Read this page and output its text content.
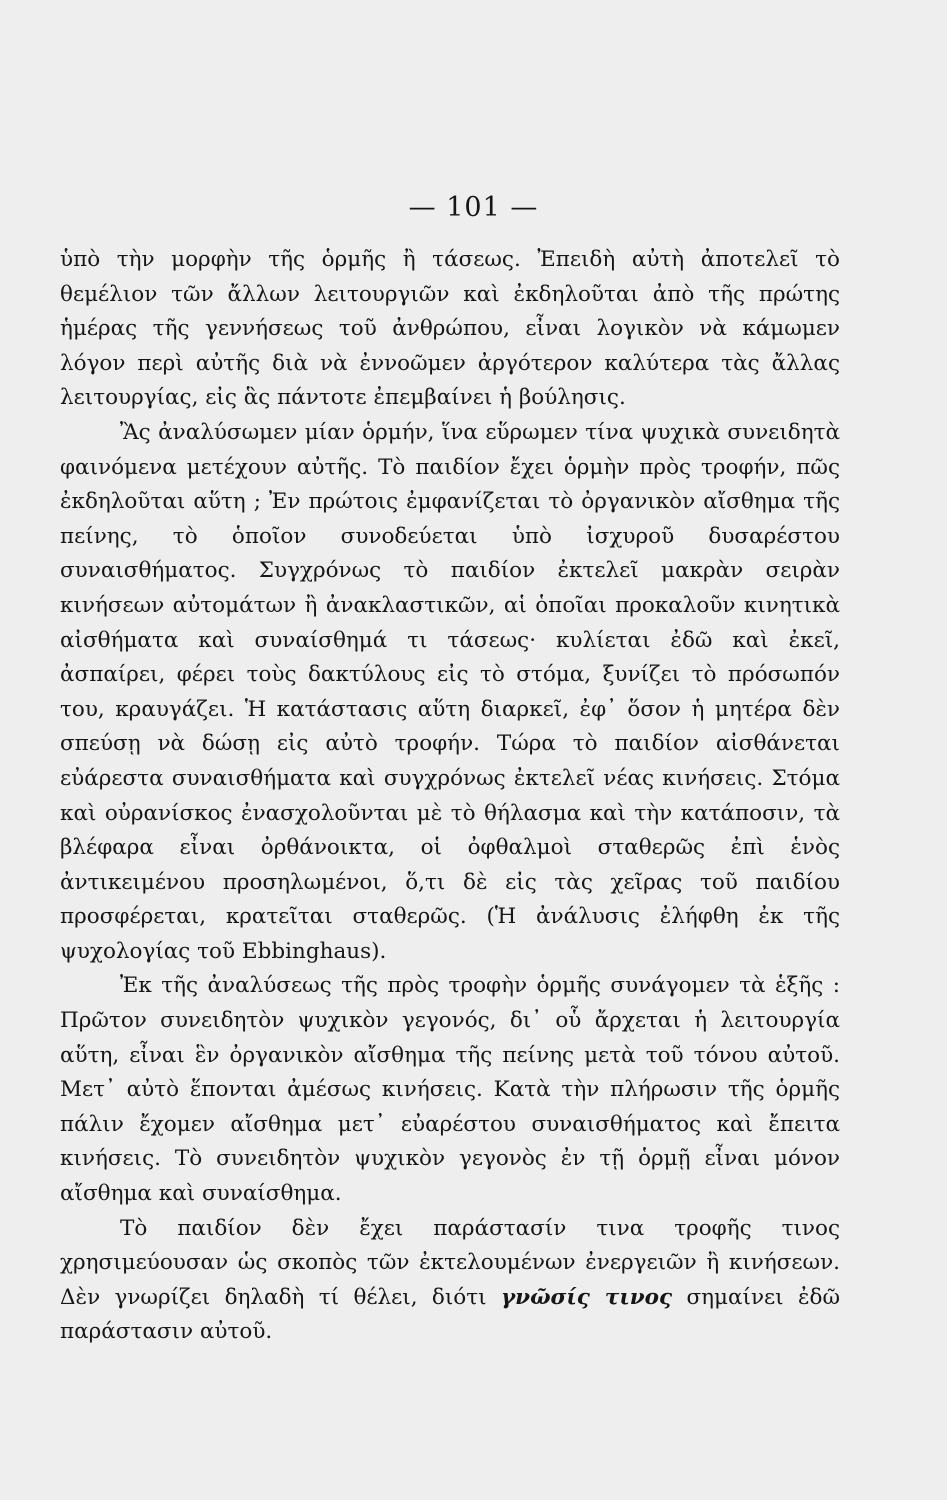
— 101 —

ὑπὸ τὴν μορφὴν τῆς ὁρμῆς ἢ τάσεως. Ἐπειδὴ αὐτὴ ἀποτελεῖ τὸ θεμέλιον τῶν ἄλλων λειτουργιῶν καὶ ἐκδηλοῦται ἀπὸ τῆς πρώτης ἡμέρας τῆς γεννήσεως τοῦ ἀνθρώπου, εἶναι λογικὸν νὰ κάμωμεν λόγον περὶ αὐτῆς διὰ νὰ ἐννοῶμεν ἀργότερον καλύτερα τὰς ἄλλας λειτουργίας, εἰς ἃς πάντοτε ἐπεμβαίνει ἡ βούλησις.

Ἂς ἀναλύσωμεν μίαν ὁρμήν, ἵνα εὕρωμεν τίνα ψυχικὰ συνειδητὰ φαινόμενα μετέχουν αὐτῆς. Τὸ παιδίον ἔχει ὁρμὴν πρὸς τροφήν, πῶς ἐκδηλοῦται αὕτη ; Ἐν πρώτοις ἐμφανίζεται τὸ ὀργανικὸν αἴσθημα τῆς πείνης, τὸ ὁποῖον συνοδεύεται ὑπὸ ἰσχυροῦ δυσαρέστου συναισθήματος. Συγχρόνως τὸ παιδίον ἐκτελεῖ μακρὰν σειρὰν κινήσεων αὐτομάτων ἢ ἀνακλαστικῶν, αἱ ὁποῖαι προκαλοῦν κινητικὰ αἰσθήματα καὶ συναίσθημά τι τάσεως· κυλίεται ἐδῶ καὶ ἐκεῖ, ἀσπαίρει, φέρει τοὺς δακτύλους εἰς τὸ στόμα, ξυνίζει τὸ πρόσωπόν του, κραυγάζει. Ἡ κατάστασις αὕτη διαρκεῖ, ἐφ᾽ ὅσον ἡ μητέρα δὲν σπεύσῃ νὰ δώσῃ εἰς αὐτὸ τροφήν. Τώρα τὸ παιδίον αἰσθάνεται εὐάρεστα συναισθήματα καὶ συγχρόνως ἐκτελεῖ νέας κινήσεις. Στόμα καὶ οὐρανίσκος ἐνασχολοῦνται μὲ τὸ θήλασμα καὶ τὴν κατάποσιν, τὰ βλέφαρα εἶναι ὀρθάνοικτα, οἱ ὀφθαλμοὶ σταθερῶς ἐπὶ ἑνὸς ἀντικειμένου προσηλωμένοι, ὅ,τι δὲ εἰς τὰς χεῖρας τοῦ παιδίου προσφέρεται, κρατεῖται σταθερῶς. (Ἡ ἀνάλυσις ἐλήφθη ἐκ τῆς ψυχολογίας τοῦ Ebbinghaus).

Ἐκ τῆς ἀναλύσεως τῆς πρὸς τροφὴν ὁρμῆς συνάγομεν τὰ ἑξῆς : Πρῶτον συνειδητὸν ψυχικὸν γεγονός, δι᾽ οὗ ἄρχεται ἡ λειτουργία αὕτη, εἶναι ἓν ὀργανικὸν αἴσθημα τῆς πείνης μετὰ τοῦ τόνου αὐτοῦ. Μετ᾽ αὐτὸ ἕπονται ἀμέσως κινήσεις. Κατὰ τὴν πλήρωσιν τῆς ὁρμῆς πάλιν ἔχομεν αἴσθημα μετ᾽ εὐαρέστου συναισθήματος καὶ ἔπειτα κινήσεις. Τὸ συνειδητὸν ψυχικὸν γεγονὸς ἐν τῇ ὁρμῇ εἶναι μόνον αἴσθημα καὶ συναίσθημα.

Τὸ παιδίον δὲν ἔχει παράστασίν τινα τροφῆς τινος χρησιμεύουσαν ὡς σκοπὸς τῶν ἐκτελουμένων ἐνεργειῶν ἢ κινήσεων. Δὲν γνωρίζει δηλαδὴ τί θέλει, διότι γνῶσίς τινος σημαίνει ἐδῶ παράστασιν αὐτοῦ.
